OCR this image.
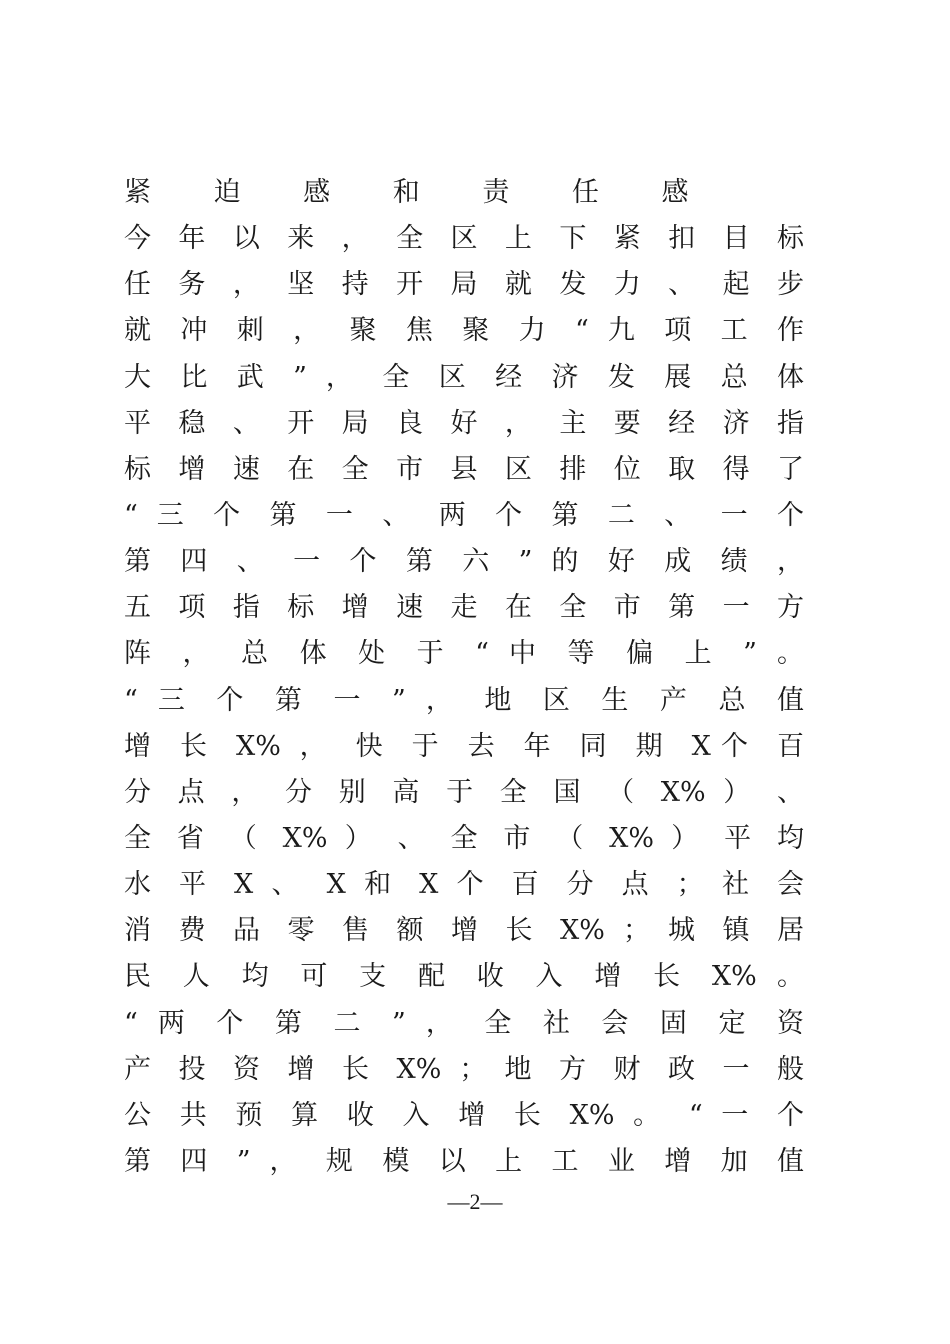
紧 迫 感 和 责 任 感
今 年 以 来 ， 全 区 上 下 紧 扣 目 标
任 务 ， 坚 持 开 局 就 发 力 、 起 步
就 冲 刺 ， 聚 焦 聚 力 “ 九 项 工 作
大 比 武 ” ， 全 区 经 济 发 展 总 体
平 稳 、 开 局 良 好 ， 主 要 经 济 指
标 增 速 在 全 市 县 区 排 位 取 得 了
“ 三 个 第 一 、 两 个 第 二 、 一 个
第 四 、 一 个 第 六 ” 的 好 成 绩 ，
五 项 指 标 增 速 走 在 全 市 第 一 方
阵 ， 总 体 处 于 “ 中 等 偏 上 ” 。
“ 三 个 第 一 ” ， 地 区 生 产 总 值
增 长 X% ， 快 于 去 年 同 期 X个 百
分 点 ， 分 别 高 于 全 国 （ X% ） 、
全 省 （ X% ） 、 全 市 （ X% ） 平 均
水 平 X 、 X 和 X 个 百 分 点 ； 社 会
消 费 品 零 售 额 增 长 X% ； 城 镇 居
民 人 均 可 支 配 收 入 增 长 X% 。
“ 两 个 第 二 ” ， 全 社 会 固 定 资
产 投 资 增 长 X% ； 地 方 财 政 一 般
公 共 预 算 收 入 增 长 X% 。 “ 一 个
第 四 ” ， 规 模 以 上 工 业 增 加 值
—2—
